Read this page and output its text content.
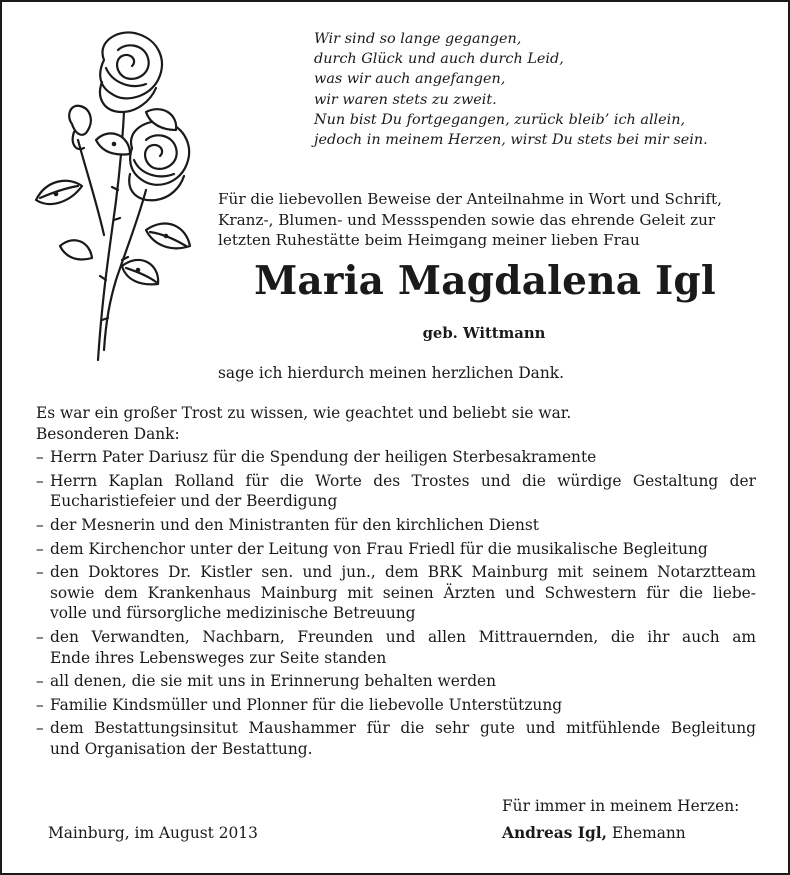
Wir sind so lange gegangen,
durch Glück und auch durch Leid,
was wir auch angefangen,
wir waren stets zu zweit.
Nun bist Du fortgegangen, zurück bleib’ ich allein,
jedoch in meinem Herzen, wirst Du stets bei mir sein.
Für die liebevollen Beweise der Anteilnahme in Wort und Schrift,
Kranz-, Blumen- und Messspenden sowie das ehrende Geleit zur
letzten Ruhestätte beim Heimgang meiner lieben Frau
Maria Magdalena Igl
geb. Wittmann
sage ich hierdurch meinen herzlichen Dank.
Es war ein großer Trost zu wissen, wie geachtet und beliebt sie war.
Besonderen Dank:
– Herrn Pater Dariusz für die Spendung der heiligen Sterbesakramente
– Herrn Kaplan Rolland für die Worte des Trostes und die würdige Gestaltung der
Eucharistiefeier und der Beerdigung
– der Mesnerin und den Ministranten für den kirchlichen Dienst
– dem Kirchenchor unter der Leitung von Frau Friedl für die musikalische Begleitung
– den Doktores Dr. Kistler sen. und jun., dem BRK Mainburg mit seinem Notarztteam
sowie dem Krankenhaus Mainburg mit seinen Ärzten und Schwestern für die liebe-
volle und fürsorgliche medizinische Betreuung
– den Verwandten, Nachbarn, Freunden und allen Mittrauernden, die ihr auch am
Ende ihres Lebensweges zur Seite standen
– all denen, die sie mit uns in Erinnerung behalten werden
– Familie Kindsmüller und Plonner für die liebevolle Unterstützung
– dem Bestattungsinsitut Maushammer für die sehr gute und mitfühlende Begleitung
und Organisation der Bestattung.
Für immer in meinem Herzen:
Mainburg, im August 2013	Andreas Igl, Ehemann
